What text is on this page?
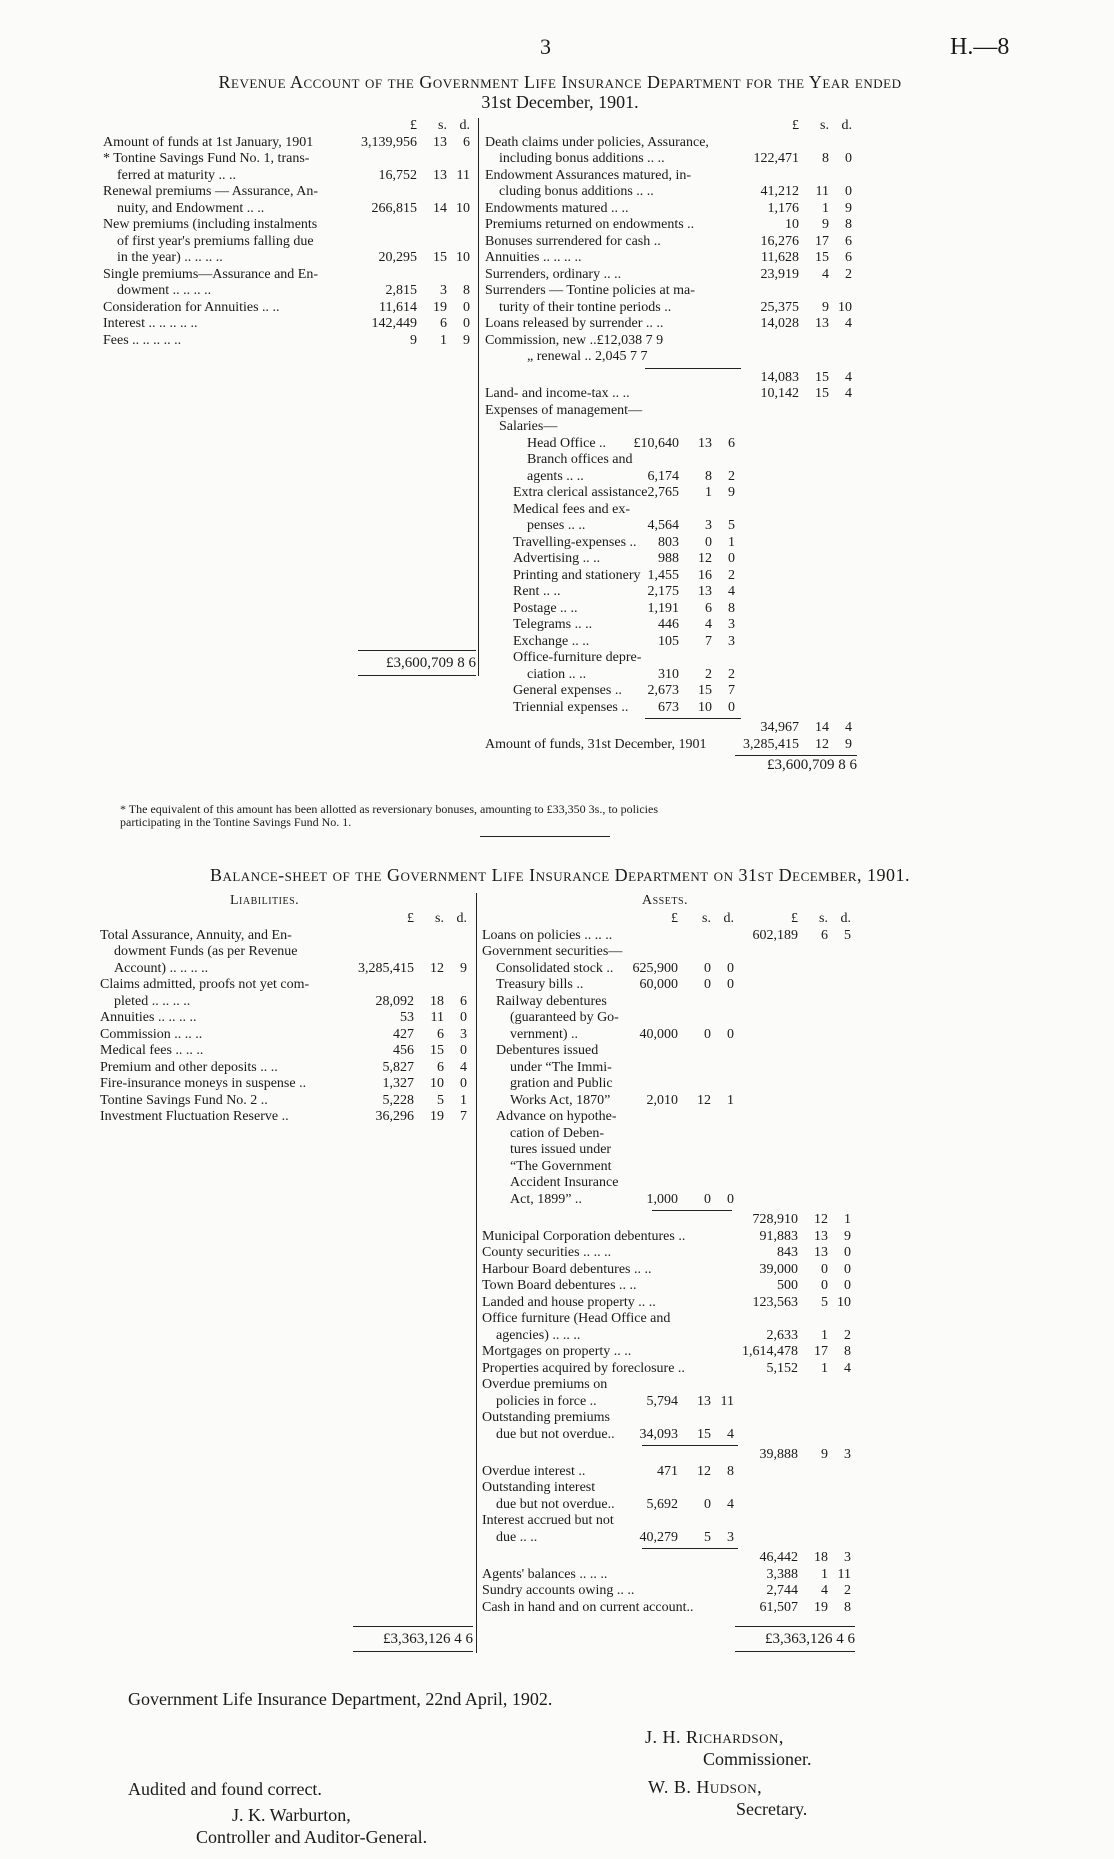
3	H.—8
Revenue Account of the Government Life Insurance Department for the Year ended
31st December, 1901.
£ s. d.
Amount of funds at 1st January, 1901	3,139,956 13 6
* Tontine Savings Fund No. 1, trans-
ferred at maturity .. ..	16,752 13 11
Renewal premiums — Assurance, An-
nuity, and Endowment .. ..	266,815 14 10
New premiums (including instalments
of first year's premiums falling due
in the year) .. .. .. ..	20,295 15 10
Single premiums—Assurance and En-
dowment .. .. .. ..	2,815 3 8
Consideration for Annuities .. ..	11,614 19 0
Interest .. .. .. .. ..	142,449 6 0
Fees .. .. .. .. ..	9 1 9
£3,600,709 8 6
£ s. d.
Death claims under policies, Assurance,
including bonus additions .. ..	122,471 8 0
Endowment Assurances matured, in-
cluding bonus additions .. ..	41,212 11 0
Endowments matured .. ..	1,176 1 9
Premiums returned on endowments ..	10 9 8
Bonuses surrendered for cash ..	16,276 17 6
Annuities .. .. .. ..	11,628 15 6
Surrenders, ordinary .. ..	23,919 4 2
Surrenders — Tontine policies at ma-
turity of their tontine periods ..	25,375 9 10
Loans released by surrender .. ..	14,028 13 4
Commission, new ..£12,038 7 9
„ renewal .. 2,045 7 7
14,083 15 4
Land- and income-tax .. ..	10,142 15 4
Expenses of management—
Salaries—
Head Office .. £10,640 13 6
Branch offices and
agents .. ..	6,174 8 2
Extra clerical assistance 2,765 1 9
Medical fees and ex-
penses .. ..	4,564 3 5
Travelling-expenses .. 803 0 1
Advertising .. ..	988 12 0
Printing and stationery 1,455 16 2
Rent .. ..	2,175 13 4
Postage .. ..	1,191 6 8
Telegrams .. ..	446 4 3
Exchange .. ..	105 7 3
Office-furniture depre-
ciation .. ..	310 2 2
General expenses .. 2,673 15 7
Triennial expenses .. 673 10 0
34,967 14 4
Amount of funds, 31st December, 1901	3,285,415 12 9
£3,600,709 8 6
* The equivalent of this amount has been allotted as reversionary bonuses, amounting to £33,350 3s., to policies
participating in the Tontine Savings Fund No. 1.
Balance-sheet of the Government Life Insurance Department on 31st December, 1901.
Liabilities.
£ s. d.
Total Assurance, Annuity, and En-
dowment Funds (as per Revenue
Account) .. .. .. ..	3,285,415 12 9
Claims admitted, proofs not yet com-
pleted .. .. .. ..	28,092 18 6
Annuities .. .. .. ..	53 11 0
Commission .. .. ..	427 6 3
Medical fees .. .. ..	456 15 0
Premium and other deposits .. ..	5,827 6 4
Fire-insurance moneys in suspense ..	1,327 10 0
Tontine Savings Fund No. 2 ..	5,228 5 1
Investment Fluctuation Reserve ..	36,296 19 7
£3,363,126 4 6
Assets.
£ s. d.	£ s. d.
Loans on policies .. .. ..	602,189 6 5
Government securities—
Consolidated stock .. 625,900 0 0
Treasury bills ..	60,000 0 0
Railway debentures
(guaranteed by Go-
vernment) ..	40,000 0 0
Debentures issued
under “The Immi-
gration and Public
Works Act, 1870”	2,010 12 1
Advance on hypothe-
cation of Deben-
tures issued under
“The Government
Accident Insurance
Act, 1899” ..	1,000 0 0
728,910 12 1
Municipal Corporation debentures ..	91,883 13 9
County securities .. .. ..	843 13 0
Harbour Board debentures .. ..	39,000 0 0
Town Board debentures .. ..	500 0 0
Landed and house property .. ..	123,563 5 10
Office furniture (Head Office and
agencies) .. .. ..	2,633 1 2
Mortgages on property .. ..	1,614,478 17 8
Properties acquired by foreclosure ..	5,152 1 4
Overdue premiums on
policies in force ..	5,794 13 11
Outstanding premiums
due but not overdue.. 34,093 15 4
39,888 9 3
Overdue interest ..	471 12 8
Outstanding interest
due but not overdue.. 5,692 0 4
Interest accrued but not
due .. ..	40,279 5 3
46,442 18 3
Agents' balances .. .. ..	3,388 1 11
Sundry accounts owing .. ..	2,744 4 2
Cash in hand and on current account..	61,507 19 8
£3,363,126 4 6
Government Life Insurance Department, 22nd April, 1902.
J. H. Richardson,
Commissioner.
W. B. Hudson,
Secretary.
Audited and found correct.
J. K. Warburton,
Controller and Auditor-General.
